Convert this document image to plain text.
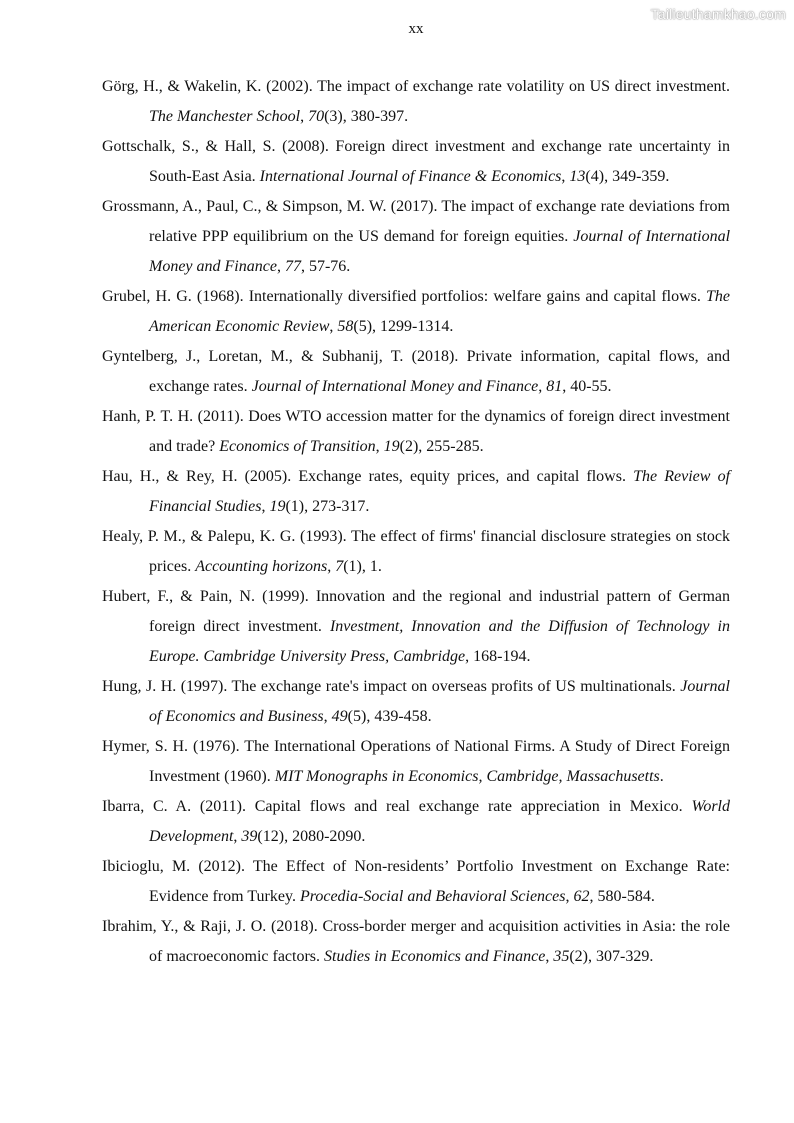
Tailieuthamkhao.com
xx
Görg, H., & Wakelin, K. (2002). The impact of exchange rate volatility on US direct investment. The Manchester School, 70(3), 380-397.
Gottschalk, S., & Hall, S. (2008). Foreign direct investment and exchange rate uncertainty in South-East Asia. International Journal of Finance & Economics, 13(4), 349-359.
Grossmann, A., Paul, C., & Simpson, M. W. (2017). The impact of exchange rate deviations from relative PPP equilibrium on the US demand for foreign equities. Journal of International Money and Finance, 77, 57-76.
Grubel, H. G. (1968). Internationally diversified portfolios: welfare gains and capital flows. The American Economic Review, 58(5), 1299-1314.
Gyntelberg, J., Loretan, M., & Subhanij, T. (2018). Private information, capital flows, and exchange rates. Journal of International Money and Finance, 81, 40-55.
Hanh, P. T. H. (2011). Does WTO accession matter for the dynamics of foreign direct investment and trade? Economics of Transition, 19(2), 255-285.
Hau, H., & Rey, H. (2005). Exchange rates, equity prices, and capital flows. The Review of Financial Studies, 19(1), 273-317.
Healy, P. M., & Palepu, K. G. (1993). The effect of firms' financial disclosure strategies on stock prices. Accounting horizons, 7(1), 1.
Hubert, F., & Pain, N. (1999). Innovation and the regional and industrial pattern of German foreign direct investment. Investment, Innovation and the Diffusion of Technology in Europe. Cambridge University Press, Cambridge, 168-194.
Hung, J. H. (1997). The exchange rate's impact on overseas profits of US multinationals. Journal of Economics and Business, 49(5), 439-458.
Hymer, S. H. (1976). The International Operations of National Firms. A Study of Direct Foreign Investment (1960). MIT Monographs in Economics, Cambridge, Massachusetts.
Ibarra, C. A. (2011). Capital flows and real exchange rate appreciation in Mexico. World Development, 39(12), 2080-2090.
Ibicioglu, M. (2012). The Effect of Non-residents’ Portfolio Investment on Exchange Rate: Evidence from Turkey. Procedia-Social and Behavioral Sciences, 62, 580-584.
Ibrahim, Y., & Raji, J. O. (2018). Cross-border merger and acquisition activities in Asia: the role of macroeconomic factors. Studies in Economics and Finance, 35(2), 307-329.
